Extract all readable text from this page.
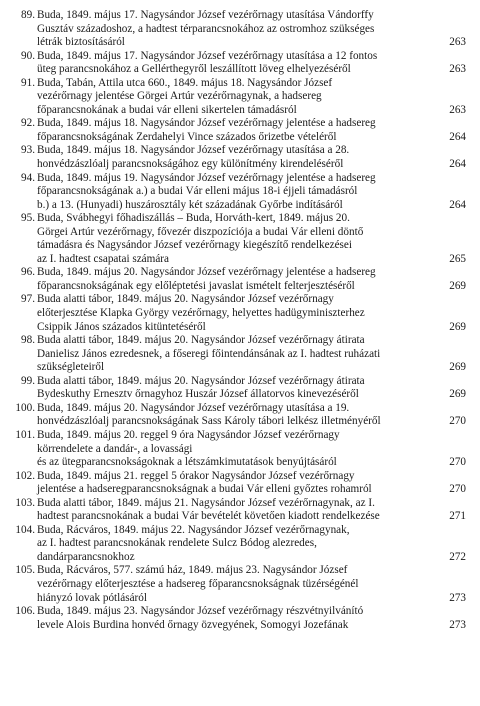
89. Buda, 1849. május 17. Nagysándor József vezérőrnagy utasítása Vándorffy
Gusztáv századoshoz, a hadtest térparancsnokához az ostromhoz szükséges
létrák biztosításáról	263
90. Buda, 1849. május 17. Nagysándor József vezérőrnagy utasítása a 12 fontos
üteg parancsnokához a Gellérthegyről leszállított löveg elhelyezéséről	263
91. Buda, Tabán, Attila utca 660., 1849. május 18. Nagysándor József
vezérőrnagy jelentése Görgei Artúr vezérőrnagynak, a hadsereg
főparancsnokának a budai vár elleni sikertelen támadásról	263
92. Buda, 1849. május 18. Nagysándor József vezérőrnagy jelentése a hadsereg
főparancsnokságának Zerdahelyi Vince százados őrizetbe vételéről	264
93. Buda, 1849. május 18. Nagysándor József vezérőrnagy utasítása a 28.
honvédzászlóalj parancsnokságához egy különítmény kirendeléséről	264
94. Buda, 1849. május 19. Nagysándor József vezérőrnagy jelentése a hadsereg
főparancsnokságának a.) a budai Vár elleni május 18-i éjjeli támadásról
b.) a 13. (Hunyadi) huszárosztály két századának Győrbe indításáról	264
95. Buda, Svábhegyi főhadiszállás – Buda, Horváth-kert, 1849. május 20.
Görgei Artúr vezérőrnagy, fővezér diszpozíciója a budai Vár elleni döntő
támadásra és Nagysándor József vezérőrnagy kiegészítő rendelkezései
az I. hadtest csapatai számára	265
96. Buda, 1849. május 20. Nagysándor József vezérőrnagy jelentése a hadsereg
főparancsnokságának egy előléptetési javaslat ismételt felterjesztéséről	269
97. Buda alatti tábor, 1849. május 20. Nagysándor József vezérőrnagy
előterjesztése Klapka György vezérőrnagy, helyettes hadügyminiszterhez
Csippik János százados kitüntetéséről	269
98. Buda alatti tábor, 1849. május 20. Nagysándor József vezérőrnagy átirata
Danielisz János ezredesnek, a főseregi főintendánsának az I. hadtest ruházati
szükségleteiről	269
99. Buda alatti tábor, 1849. május 20. Nagysándor József vezérőrnagy átirata
Bydeskuthy Ernesztv őrnagyhoz Huszár József állatorvos kinevezéséről	269
100. Buda, 1849. május 20. Nagysándor József vezérőrnagy utasítása a 19.
honvédzászlóalj parancsnokságának Sass Károly tábori lelkész illetményéről	270
101. Buda, 1849. május 20. reggel 9 óra Nagysándor József vezérőrnagy
körrendelete a dandár-, a lovassági
és az ütegparancsnokságoknak a létszámkimutatások benyújtásáról	270
102. Buda, 1849. május 21. reggel 5 órakor Nagysándor József vezérőrnagy
jelentése a hadseregparancsnokságnak a budai Vár elleni győztes rohamról	270
103. Buda alatti tábor, 1849. május 21. Nagysándor József vezérőrnagynak, az I.
hadtest parancsnokának a budai Vár bevételét követően kiadott rendelkezése	271
104. Buda, Rácváros, 1849. május 22. Nagysándor József vezérőrnagynak,
az I. hadtest parancsnokának rendelete Sulcz Bódog alezredes,
dandárparancsnokhoz	272
105. Buda, Rácváros, 577. számú ház, 1849. május 23. Nagysándor József
vezérőrnagy előterjesztése a hadsereg főparancsnokságnak tüzérségénél
hiányzó lovak pótlásáról	273
106. Buda, 1849. május 23. Nagysándor József vezérőrnagy részvétnyilvánító
levele Alois Burdina honvéd őrnagy özvegyének, Somogyi Jozefának	273
